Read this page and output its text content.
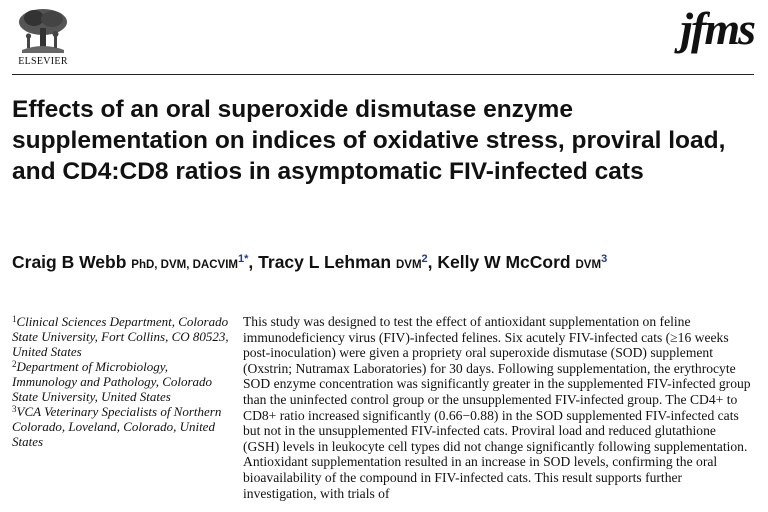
ELSEVIER
jfms
Effects of an oral superoxide dismutase enzyme supplementation on indices of oxidative stress, proviral load, and CD4:CD8 ratios in asymptomatic FIV-infected cats
Craig B Webb PhD, DVM, $DACVIM^{1*}$, Tracy L Lehman DVM$^2$, Kelly W McCord DVM$^3$

$^1$Clinical Sciences Department, Colorado State University, Fort Collins, CO 80523, United States

$^2$Department of Microbiology, Immunology and Pathology, Colorado State University, United States

$^3$VCA Veterinary Specialists of Northern Colorado, Loveland, Colorado, United States

This study was designed to test the effect of antioxidant supplementation on feline immunodeficiency virus (FIV)-infected felines. Six acutely FIV-infected cats (≥16 weeks post-inoculation) were given a propriety oral superoxide dismutase (SOD) supplement (Oxstrin; Nutramax Laboratories) for 30 days. Following supplementation, the erythrocyte SOD enzyme concentration was significantly greater in the supplemented FIV-infected group than the uninfected control group or the unsupplemented FIV-infected group. The CD4+ to CD8+ ratio increased significantly (0.66−0.88) in the SOD supplemented FIV-infected cats but not in the unsupplemented FIV-infected cats. Proviral load and reduced glutathione (GSH) levels in leukocyte cell types did not change significantly following supplementation. Antioxidant supplementation resulted in an increase in SOD levels, confirming the oral bioavailability of the compound in FIV-infected cats. This result supports further investigation, with trials of
